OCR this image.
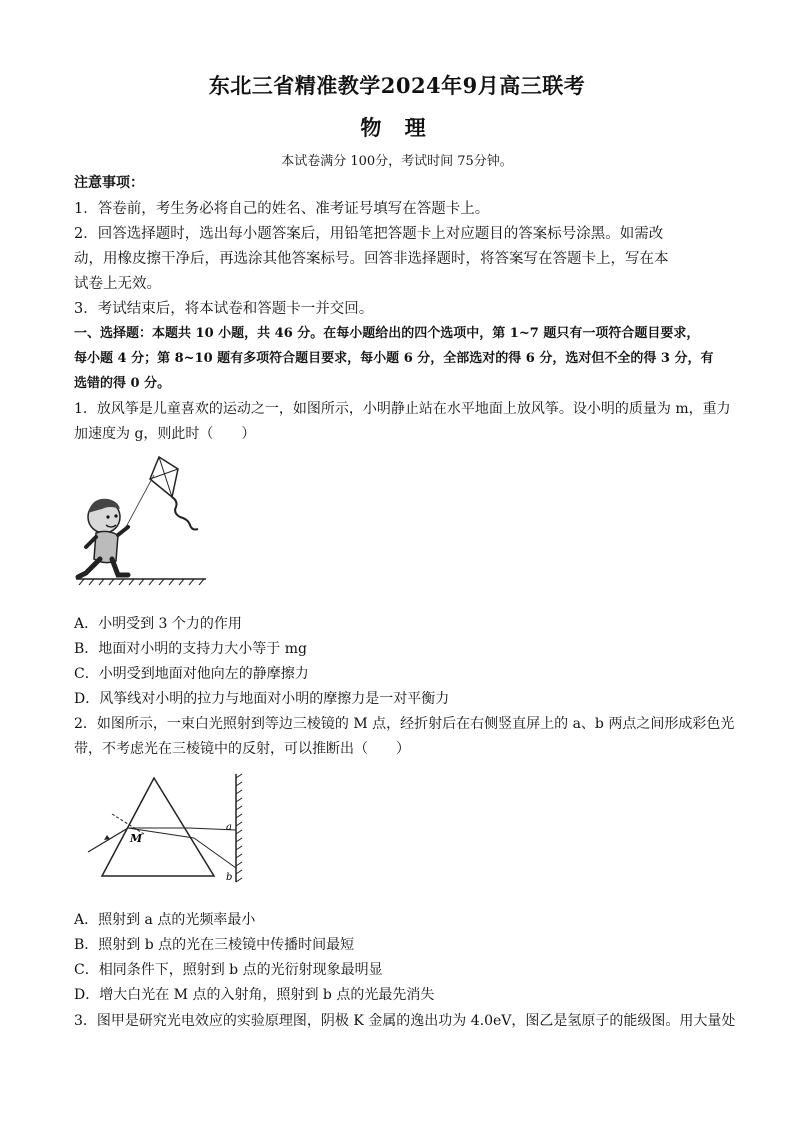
东北三省精准教学2024年9月高三联考
物 理
本试卷满分 100分，考试时间 75分钟。
注意事项：
1．答卷前，考生务必将自己的姓名、准考证号填写在答题卡上。
2．回答选择题时，选出每小题答案后，用铅笔把答题卡上对应题目的答案标号涂黑。如需改
动，用橡皮擦干净后，再选涂其他答案标号。回答非选择题时，将答案写在答题卡上，写在本
试卷上无效。
3．考试结束后，将本试卷和答题卡一并交回。
一、选择题：本题共 10 小题，共 46 分。在每小题给出的四个选项中，第 1~7 题只有一项符合题目要求，
每小题 4 分；第 8~10 题有多项符合题目要求，每小题 6 分，全部选对的得 6 分，选对但不全的得 3 分，有
选错的得 0 分。
1．放风筝是儿童喜欢的运动之一，如图所示，小明静止站在水平地面上放风筝。设小明的质量为 m，重力
加速度为 g，则此时（　　）
A．小明受到 3 个力的作用
B．地面对小明的支持力大小等于 mg
C．小明受到地面对他向左的静摩擦力
D．风筝线对小明的拉力与地面对小明的摩擦力是一对平衡力
2．如图所示，一束白光照射到等边三棱镜的 M 点，经折射后在右侧竖直屏上的 a、b 两点之间形成彩色光
带，不考虑光在三棱镜中的反射，可以推断出（　　）
M
a
b
A．照射到 a 点的光频率最小
B．照射到 b 点的光在三棱镜中传播时间最短
C．相同条件下，照射到 b 点的光衍射现象最明显
D．增大白光在 M 点的入射角，照射到 b 点的光最先消失
3．图甲是研究光电效应的实验原理图，阴极 K 金属的逸出功为 4.0eV，图乙是氢原子的能级图。用大量处
